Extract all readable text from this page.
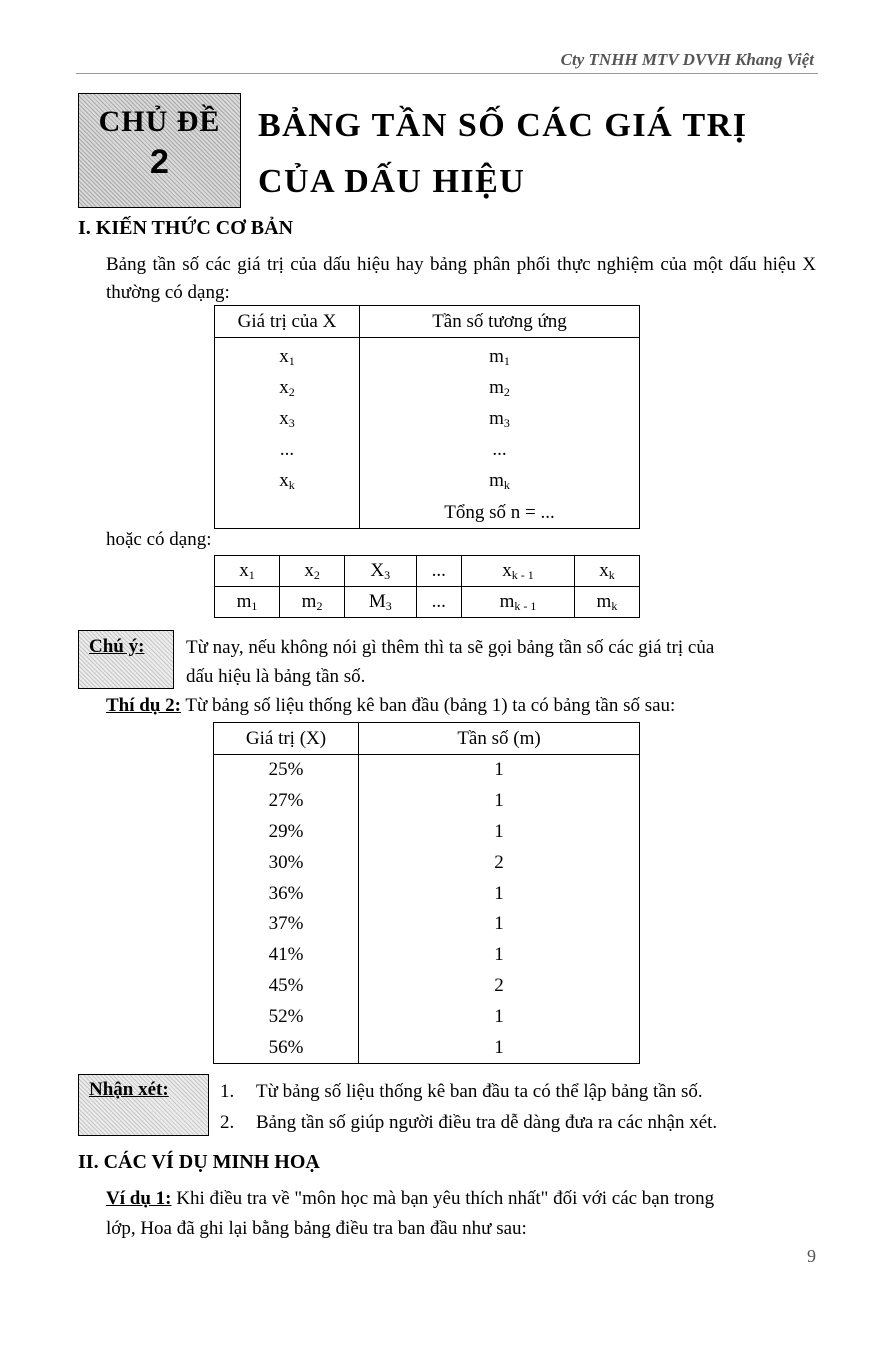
Cty TNHH MTV DVVH Khang Việt
CHỦ ĐỀ
2
BẢNG TẦN SỐ CÁC GIÁ TRỊ
CỦA DẤU HIỆU
I. KIẾN THỨC CƠ BẢN

Bảng tần số các giá trị của dấu hiệu hay bảng phân phối thực nghiệm của một dấu hiệu X thường có dạng:

Giá trị của X	Tần số tương ứng
$x_1$	$m_1$
$x_2$	$m_2$
$x_3$	$m_3$
...	...
$x_k$	$m_k$
	Tổng số n = ...

hoặc có dạng:

$x_1$	$x_2$	$X_3$	...	$x_{k - 1}$	$x_k$
$m_1$	$m_2$	$M_3$	...	$m_{k - 1}$	$m_k$
Chú ý: Từ nay, nếu không nói gì thêm thì ta sẽ gọi bảng tần số các giá trị của
dấu hiệu là bảng tần số.

Thí dụ 2: Từ bảng số liệu thống kê ban đầu (bảng 1) ta có bảng tần số sau:

Giá trị (X)	Tần số (m)
25%	1
27%	1
29%	1
30%	2
36%	1
37%	1
41%	1
45%	2
52%	1
56%	1
Nhận xét:	1. Từ bảng số liệu thống kê ban đầu ta có thể lập bảng tần số.
2. Bảng tần số giúp người điều tra dễ dàng đưa ra các nhận xét.
II. CÁC VÍ DỤ MINH HOẠ
Ví dụ 1: Khi điều tra về "môn học mà bạn yêu thích nhất" đối với các bạn trong
lớp, Hoa đã ghi lại bằng bảng điều tra ban đầu như sau:
9
